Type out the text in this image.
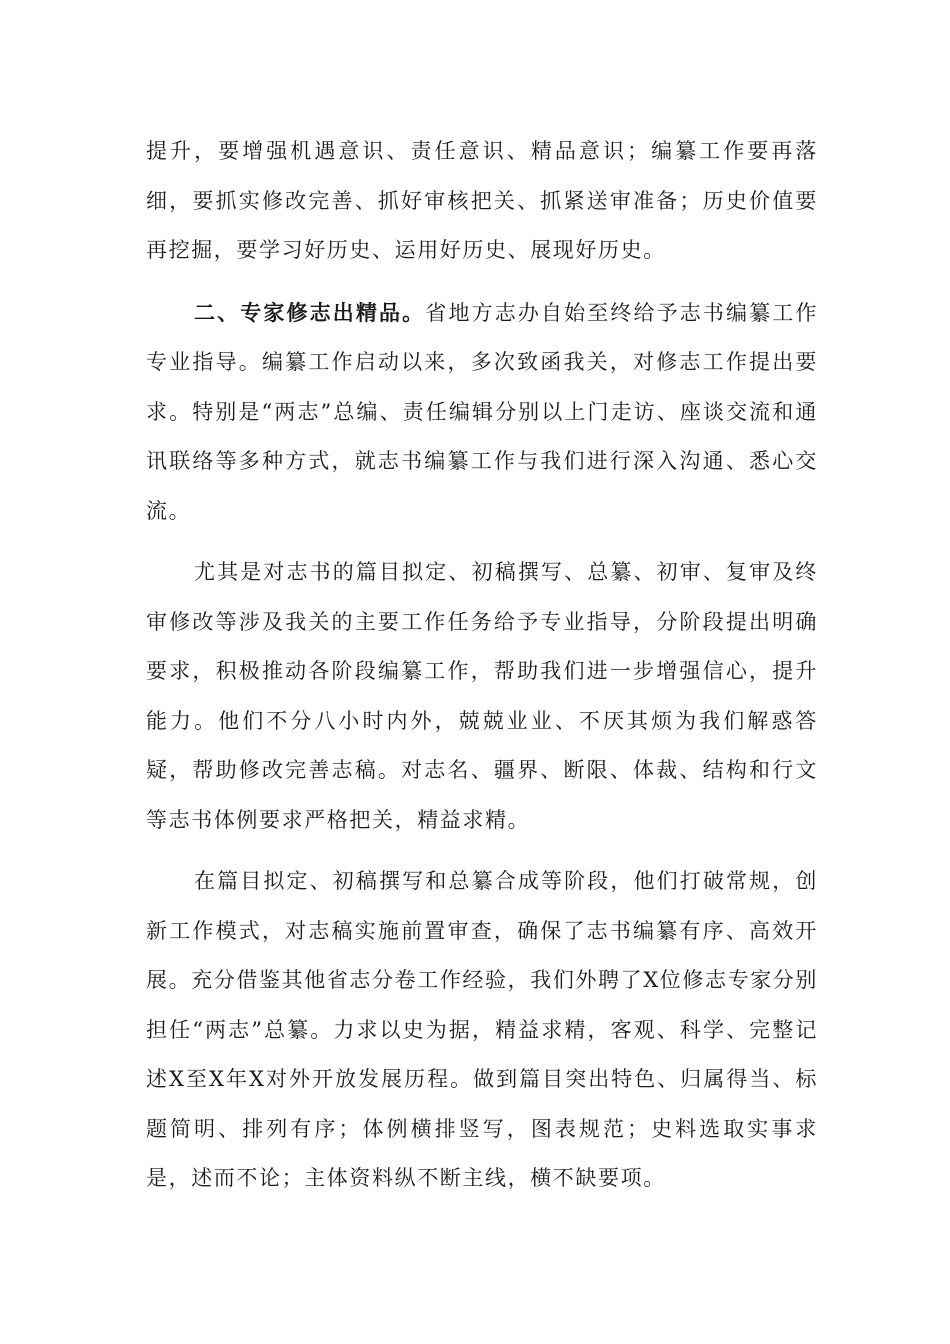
提升，要增强机遇意识、责任意识、精品意识；编纂工作要再落细，要抓实修改完善、抓好审核把关、抓紧送审准备；历史价值要再挖掘，要学习好历史、运用好历史、展现好历史。

二、专家修志出精品。省地方志办自始至终给予志书编纂工作专业指导。编纂工作启动以来，多次致函我关，对修志工作提出要求。特别是“两志”总编、责任编辑分别以上门走访、座谈交流和通讯联络等多种方式，就志书编纂工作与我们进行深入沟通、悉心交流。

尤其是对志书的篇目拟定、初稿撰写、总纂、初审、复审及终审修改等涉及我关的主要工作任务给予专业指导，分阶段提出明确要求，积极推动各阶段编纂工作，帮助我们进一步增强信心，提升能力。他们不分八小时内外，兢兢业业、不厌其烦为我们解惑答疑，帮助修改完善志稿。对志名、疆界、断限、体裁、结构和行文等志书体例要求严格把关，精益求精。

在篇目拟定、初稿撰写和总纂合成等阶段，他们打破常规，创新工作模式，对志稿实施前置审查，确保了志书编纂有序、高效开展。充分借鉴其他省志分卷工作经验，我们外聘了X位修志专家分别担任“两志”总纂。力求以史为据，精益求精，客观、科学、完整记述X至X年X对外开放发展历程。做到篇目突出特色、归属得当、标题简明、排列有序；体例横排竖写，图表规范；史料选取实事求是，述而不论；主体资料纵不断主线，横不缺要项。
